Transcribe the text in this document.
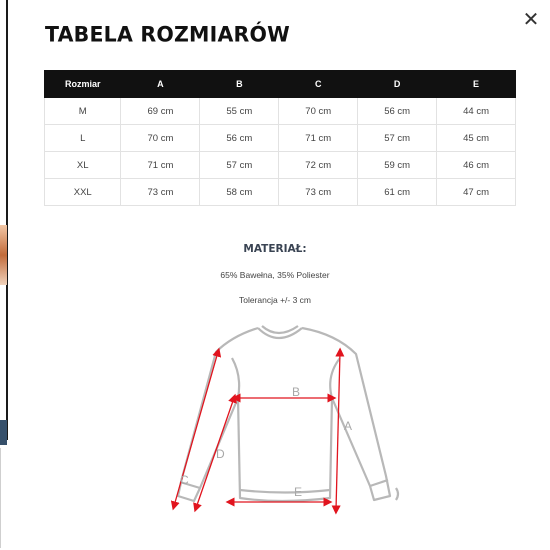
✕
TABELA ROZMIARÓW
Rozmiar	A	B	C	D	E
M	69 cm	55 cm	70 cm	56 cm	44 cm
L	70 cm	56 cm	71 cm	57 cm	45 cm
XL	71 cm	57 cm	72 cm	59 cm	46 cm
XXL	73 cm	58 cm	73 cm	61 cm	47 cm
MATERIAŁ:
65% Bawełna, 35% Poliester
Tolerancja +/- 3 cm
B
A
D
C
E
